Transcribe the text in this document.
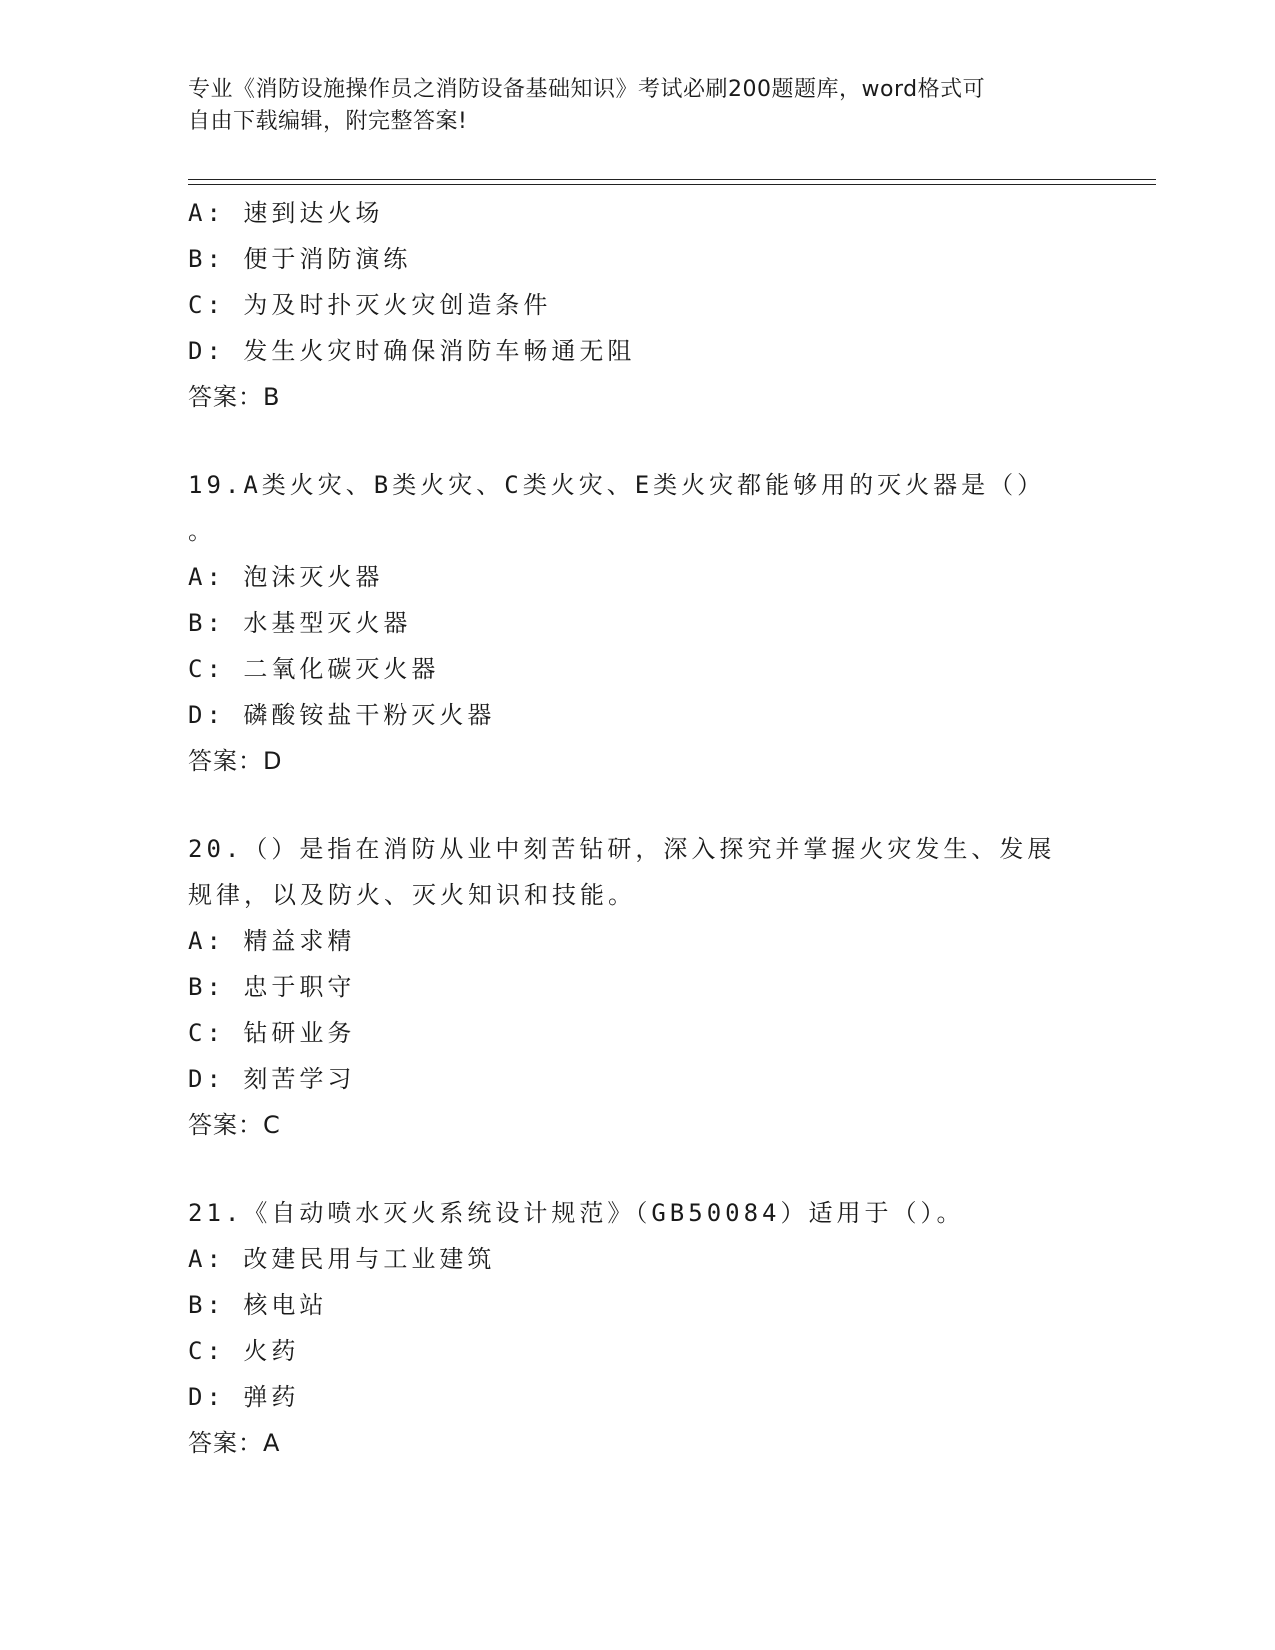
专业《消防设施操作员之消防设备基础知识》考试必刷200题题库，word格式可
自由下载编辑，附完整答案!
A: 速到达火场
B: 便于消防演练
C: 为及时扑灭火灾创造条件
D: 发生火灾时确保消防车畅通无阻
答案：B
19.A类火灾、B类火灾、C类火灾、E类火灾都能够用的灭火器是（）
。
A: 泡沫灭火器
B: 水基型灭火器
C: 二氧化碳灭火器
D: 磷酸铵盐干粉灭火器
答案：D
20.（）是指在消防从业中刻苦钻研，深入探究并掌握火灾发生、发展
规律，以及防火、灭火知识和技能。
A: 精益求精
B: 忠于职守
C: 钻研业务
D: 刻苦学习
答案：C
21.《自动喷水灭火系统设计规范》（GB50084）适用于（）。
A: 改建民用与工业建筑
B: 核电站
C: 火药
D: 弹药
答案：A
